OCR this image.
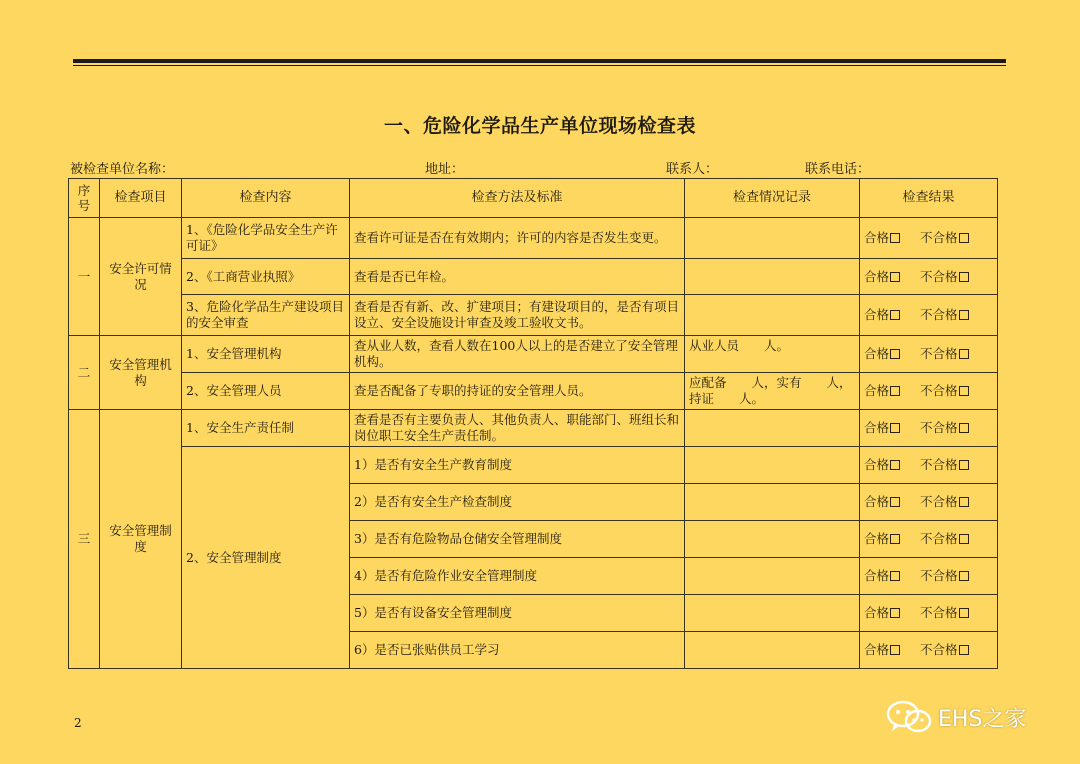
一、危险化学品生产单位现场检查表
被检查单位名称：	地址：	联系人：	联系电话：
序号	检查项目	检查内容	检查方法及标准	检查情况记录	检查结果
一	安全许可情况	1、《危险化学品安全生产许可证》	查看许可证是否在有效期内；许可的内容是否发生变更。		合格 不合格
		2、《工商营业执照》	查看是否已年检。		合格 不合格
		3、危险化学品生产建设项目的安全审查	查看是否有新、改、扩建项目；有建设项目的，是否有项目设立、安全设施设计审查及竣工验收文书。		合格 不合格
二	安全管理机构	1、安全管理机构	查从业人数，查看人数在100人以上的是否建立了安全管理机构。	从业人员　　人。	合格 不合格
		2、安全管理人员	查是否配备了专职的持证的安全管理人员。	应配备　　人，实有　　人，持证　　人。	合格 不合格
三	安全管理制度	1、安全生产责任制	查看是否有主要负责人、其他负责人、职能部门、班组长和岗位职工安全生产责任制。		合格 不合格
		2、安全管理制度	1）是否有安全生产教育制度		合格 不合格
			2）是否有安全生产检查制度		合格 不合格
			3）是否有危险物品仓储安全管理制度		合格 不合格
			4）是否有危险作业安全管理制度		合格 不合格
			5）是否有设备安全管理制度		合格 不合格
			6）是否已张贴供员工学习		合格 不合格
2	EHS之家
